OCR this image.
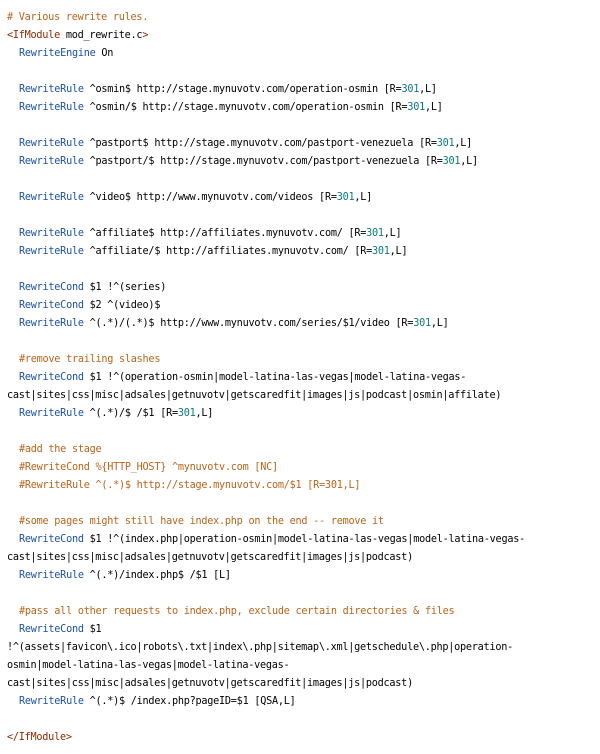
# Various rewrite rules.
<IfModule mod_rewrite.c>
RewriteEngine On
RewriteRule ^osmin$ http://stage.mynuvotv.com/operation-osmin [R=301,L]
RewriteRule ^osmin/$ http://stage.mynuvotv.com/operation-osmin [R=301,L]
RewriteRule ^pastport$ http://stage.mynuvotv.com/pastport-venezuela [R=301,L]
RewriteRule ^pastport/$ http://stage.mynuvotv.com/pastport-venezuela [R=301,L]
RewriteRule ^video$ http://www.mynuvotv.com/videos [R=301,L]
RewriteRule ^affiliate$ http://affiliates.mynuvotv.com/ [R=301,L]
RewriteRule ^affiliate/$ http://affiliates.mynuvotv.com/ [R=301,L]
RewriteCond $1 !^(series)
RewriteCond $2 ^(video)$
RewriteRule ^(.*)/(.*)$ http://www.mynuvotv.com/series/$1/video [R=301,L]
#remove trailing slashes
RewriteCond $1 !^(operation-osmin|model-latina-las-vegas|model-latina-vegas-
cast|sites|css|misc|adsales|getnuvotv|getscaredfit|images|js|podcast|osmin|affilate)
RewriteRule ^(.*)/$ /$1 [R=301,L]
#add the stage
#RewriteCond %{HTTP_HOST} ^mynuvotv.com [NC]
#RewriteRule ^(.*)$ http://stage.mynuvotv.com/$1 [R=301,L]
#some pages might still have index.php on the end -- remove it
RewriteCond $1 !^(index.php|operation-osmin|model-latina-las-vegas|model-latina-vegas-
cast|sites|css|misc|adsales|getnuvotv|getscaredfit|images|js|podcast)
RewriteRule ^(.*)/index.php$ /$1 [L]
#pass all other requests to index.php, exclude certain directories & files
RewriteCond $1
!^(assets|favicon\.ico|robots\.txt|index\.php|sitemap\.xml|getschedule\.php|operation-
osmin|model-latina-las-vegas|model-latina-vegas-
cast|sites|css|misc|adsales|getnuvotv|getscaredfit|images|js|podcast)
RewriteRule ^(.*)$ /index.php?pageID=$1 [QSA,L]
</IfModule>
